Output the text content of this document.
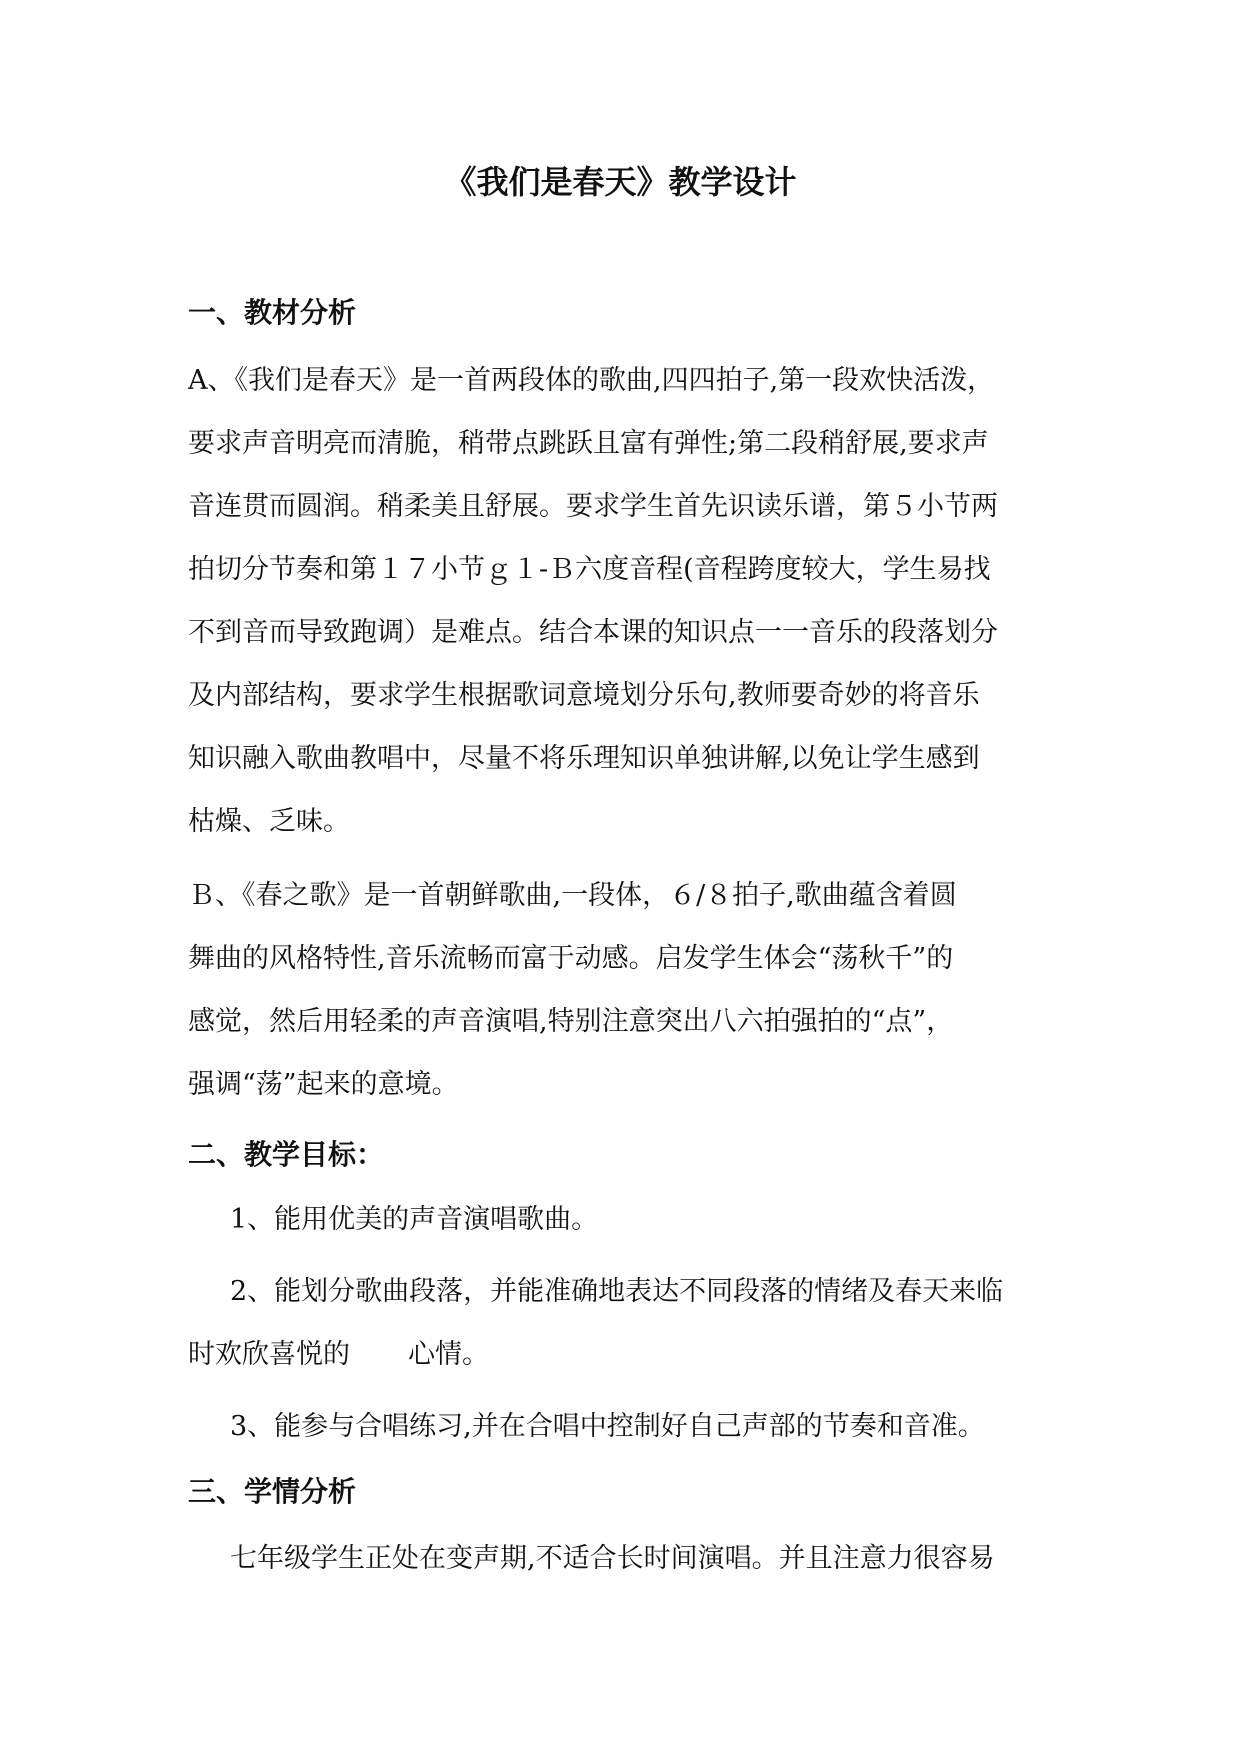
《我们是春天》教学设计
一、教材分析

A、《我们是春天》是一首两段体的歌曲,四四拍子,第一段欢快活泼，

要求声音明亮而清脆，稍带点跳跃且富有弹性;第二段稍舒展,要求声

音连贯而圆润。稍柔美且舒展。要求学生首先识读乐谱，第５小节两

拍切分节奏和第１７小节ｇ１-Ｂ六度音程(音程跨度较大，学生易找

不到音而导致跑调）是难点。结合本课的知识点一一音乐的段落划分

及内部结构，要求学生根据歌词意境划分乐句,教师要奇妙的将音乐

知识融入歌曲教唱中，尽量不将乐理知识单独讲解,以免让学生感到

枯燥、乏味。

Ｂ、《春之歌》是一首朝鲜歌曲,一段体，６/８拍子,歌曲蕴含着圆

舞曲的风格特性,音乐流畅而富于动感。启发学生体会“荡秋千”的

感觉，然后用轻柔的声音演唱,特别注意突出八六拍强拍的“点”，

强调“荡”起来的意境。

二、教学目标：

1、能用优美的声音演唱歌曲。

2、能划分歌曲段落，并能准确地表达不同段落的情绪及春天来临

时欢欣喜悦的 心情。

3、能参与合唱练习,并在合唱中控制好自己声部的节奏和音准。

三、学情分析

七年级学生正处在变声期,不适合长时间演唱。并且注意力很容易
